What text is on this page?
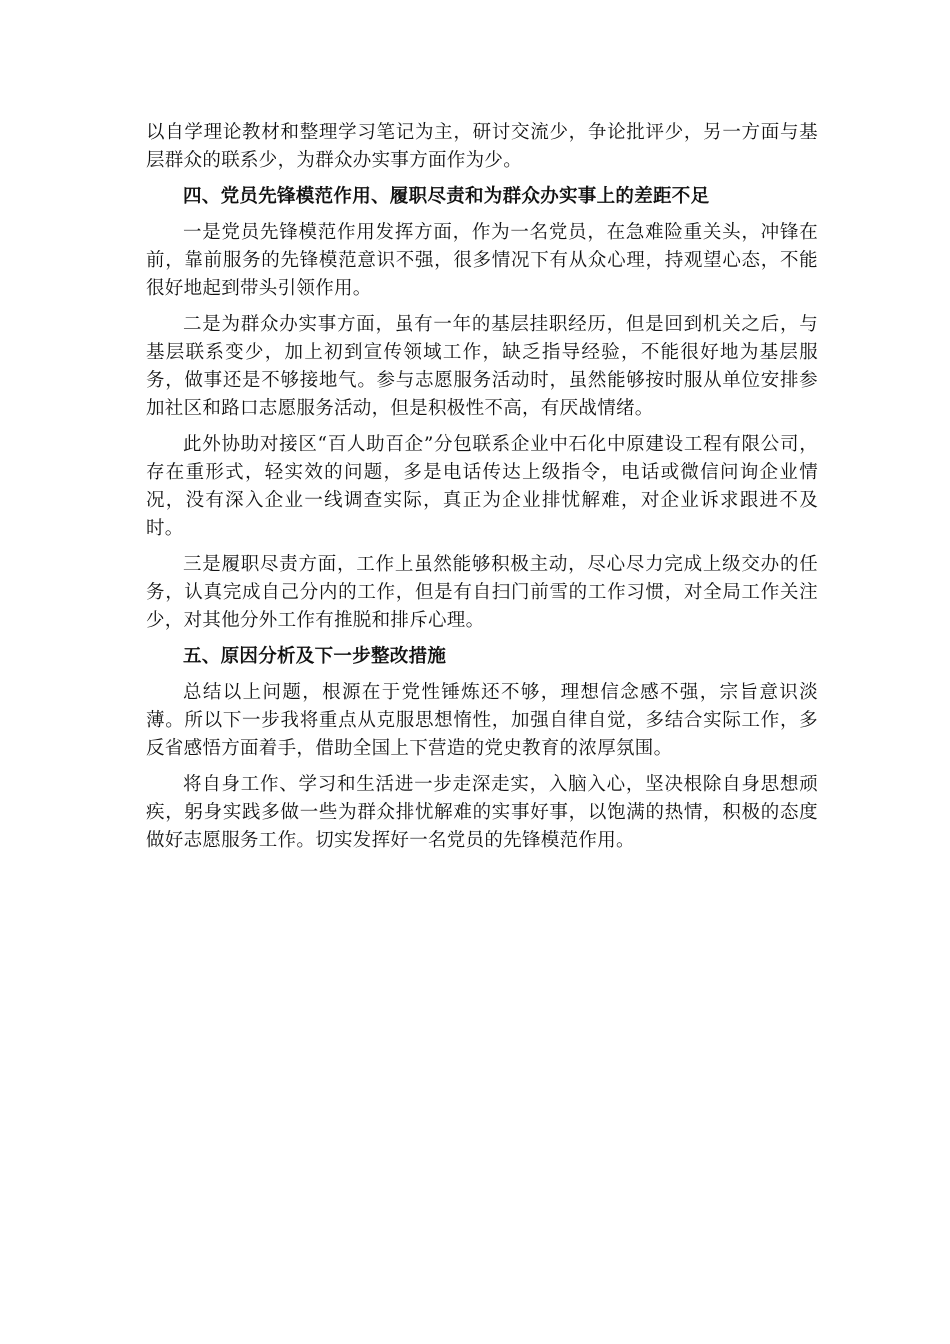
以自学理论教材和整理学习笔记为主，研讨交流少，争论批评少，另一方面与基层群众的联系少，为群众办实事方面作为少。

四、党员先锋模范作用、履职尽责和为群众办实事上的差距不足

一是党员先锋模范作用发挥方面，作为一名党员，在急难险重关头，冲锋在前，靠前服务的先锋模范意识不强，很多情况下有从众心理，持观望心态，不能很好地起到带头引领作用。

二是为群众办实事方面，虽有一年的基层挂职经历，但是回到机关之后，与基层联系变少，加上初到宣传领域工作，缺乏指导经验，不能很好地为基层服务，做事还是不够接地气。参与志愿服务活动时，虽然能够按时服从单位安排参加社区和路口志愿服务活动，但是积极性不高，有厌战情绪。

此外协助对接区“百人助百企”分包联系企业中石化中原建设工程有限公司，存在重形式，轻实效的问题，多是电话传达上级指令，电话或微信问询企业情况，没有深入企业一线调查实际，真正为企业排忧解难，对企业诉求跟进不及时。

三是履职尽责方面，工作上虽然能够积极主动，尽心尽力完成上级交办的任务，认真完成自己分内的工作，但是有自扫门前雪的工作习惯，对全局工作关注少，对其他分外工作有推脱和排斥心理。

五、原因分析及下一步整改措施

总结以上问题，根源在于党性锤炼还不够，理想信念感不强，宗旨意识淡薄。所以下一步我将重点从克服思想惰性，加强自律自觉，多结合实际工作，多反省感悟方面着手，借助全国上下营造的党史教育的浓厚氛围。

将自身工作、学习和生活进一步走深走实，入脑入心，坚决根除自身思想顽疾，躬身实践多做一些为群众排忧解难的实事好事，以饱满的热情，积极的态度做好志愿服务工作。切实发挥好一名党员的先锋模范作用。
